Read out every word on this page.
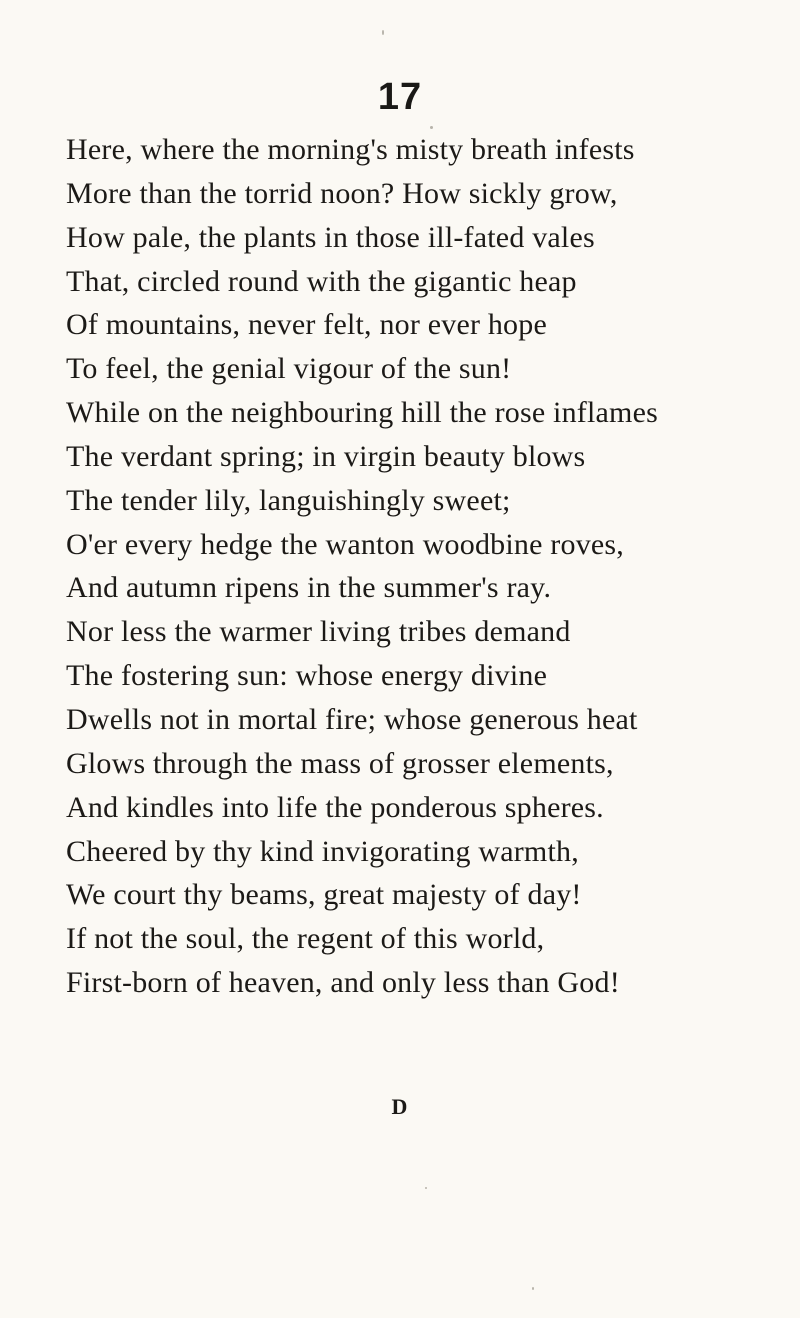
17
Here, where the morning's misty breath infests
More than the torrid noon? How sickly grow,
How pale, the plants in those ill-fated vales
That, circled round with the gigantic heap
Of mountains, never felt, nor ever hope
To feel, the genial vigour of the sun!
While on the neighbouring hill the rose inflames
The verdant spring; in virgin beauty blows
The tender lily, languishingly sweet;
O'er every hedge the wanton woodbine roves,
And autumn ripens in the summer's ray.
Nor less the warmer living tribes demand
The fostering sun: whose energy divine
Dwells not in mortal fire; whose generous heat
Glows through the mass of grosser elements,
And kindles into life the ponderous spheres.
Cheered by thy kind invigorating warmth,
We court thy beams, great majesty of day!
If not the soul, the regent of this world,
First-born of heaven, and only less than God!
D
